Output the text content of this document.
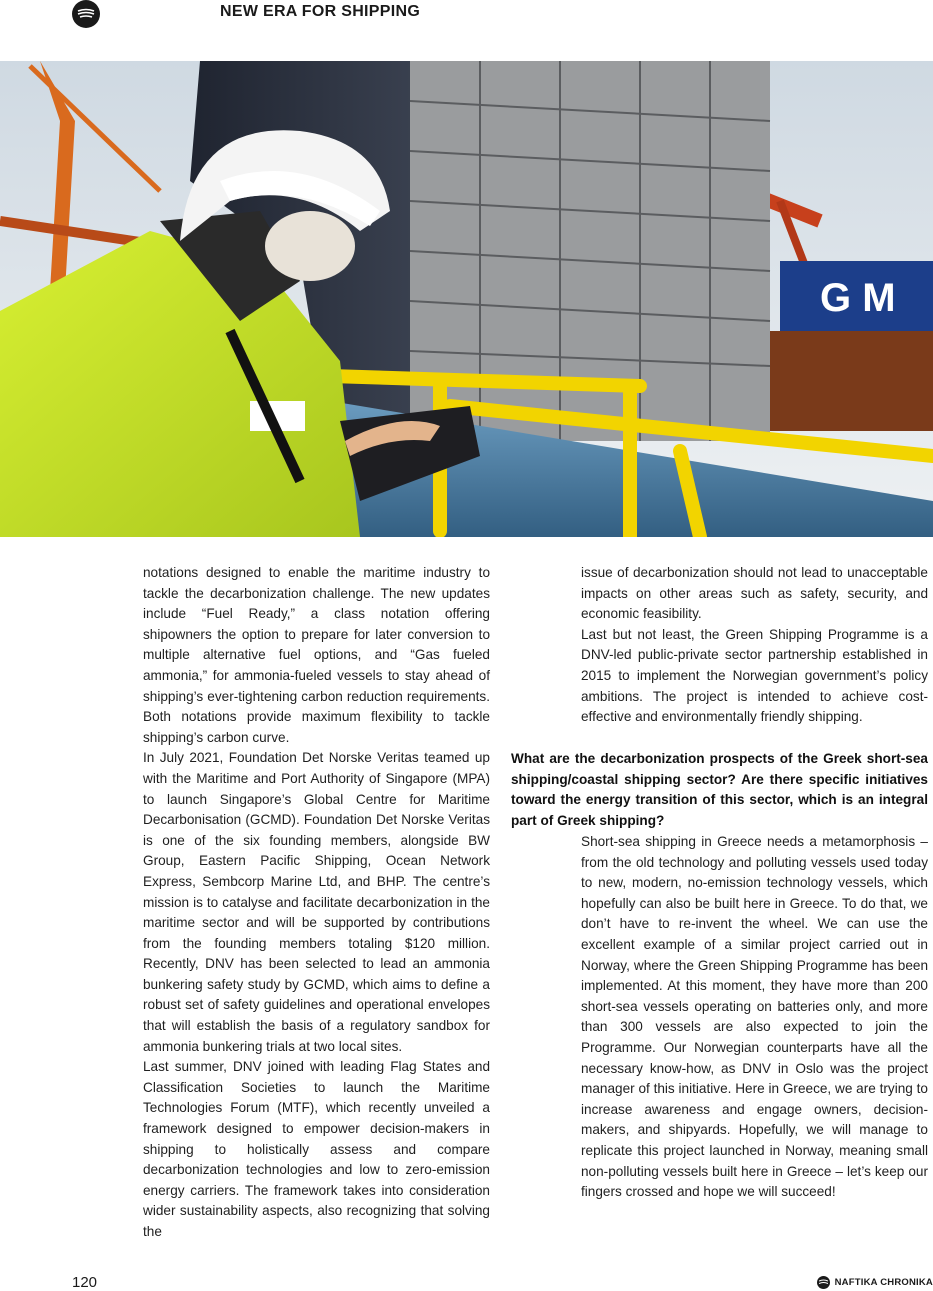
NEW ERA FOR SHIPPING
G M

notations designed to enable the maritime industry to tackle the decarbonization challenge. The new updates include “Fuel Ready,” a class notation offering shipowners the option to prepare for later conversion to multiple alternative fuel options, and “Gas fueled ammonia,” for ammonia-fueled vessels to stay ahead of shipping’s ever-tightening carbon reduction requirements. Both notations provide maximum flexibility to tackle shipping’s carbon curve.

In July 2021, Foundation Det Norske Veritas teamed up with the Maritime and Port Authority of Singapore (MPA) to launch Singapore’s Global Centre for Maritime Decarbonisation (GCMD). Foundation Det Norske Veritas is one of the six founding members, alongside BW Group, Eastern Pacific Shipping, Ocean Network Express, Sembcorp Marine Ltd, and BHP. The centre’s mission is to catalyse and facilitate decarbonization in the maritime sector and will be supported by contributions from the founding members totaling $120 million. Recently, DNV has been selected to lead an ammonia bunkering safety study by GCMD, which aims to define a robust set of safety guidelines and operational envelopes that will establish the basis of a regulatory sandbox for ammonia bunkering trials at two local sites.

Last summer, DNV joined with leading Flag States and Classification Societies to launch the Maritime Technologies Forum (MTF), which recently unveiled a framework designed to empower decision-makers in shipping to holistically assess and compare decarbonization technologies and low to zero-emission energy carriers. The framework takes into consideration wider sustainability aspects, also recognizing that solving the

issue of decarbonization should not lead to unacceptable impacts on other areas such as safety, security, and economic feasibility.

Last but not least, the Green Shipping Programme is a DNV-led public-private sector partnership established in 2015 to implement the Norwegian government’s policy ambitions. The project is intended to achieve cost-effective and environmentally friendly shipping.

What are the decarbonization prospects of the Greek short-sea shipping/coastal shipping sector? Are there specific initiatives toward the energy transition of this sector, which is an integral part of Greek shipping?

Short-sea shipping in Greece needs a metamorphosis – from the old technology and polluting vessels used today to new, modern, no-emission technology vessels, which hopefully can also be built here in Greece. To do that, we don’t have to re-invent the wheel. We can use the excellent example of a similar project carried out in Norway, where the Green Shipping Programme has been implemented. At this moment, they have more than 200 short-sea vessels operating on batteries only, and more than 300 vessels are also expected to join the Programme. Our Norwegian counterparts have all the necessary know-how, as DNV in Oslo was the project manager of this initiative. Here in Greece, we are trying to increase awareness and engage owners, decision-makers, and shipyards. Hopefully, we will manage to replicate this project launched in Norway, meaning small non-polluting vessels built here in Greece – let’s keep our fingers crossed and hope we will succeed!

120	NAFTIKA CHRONIKA
